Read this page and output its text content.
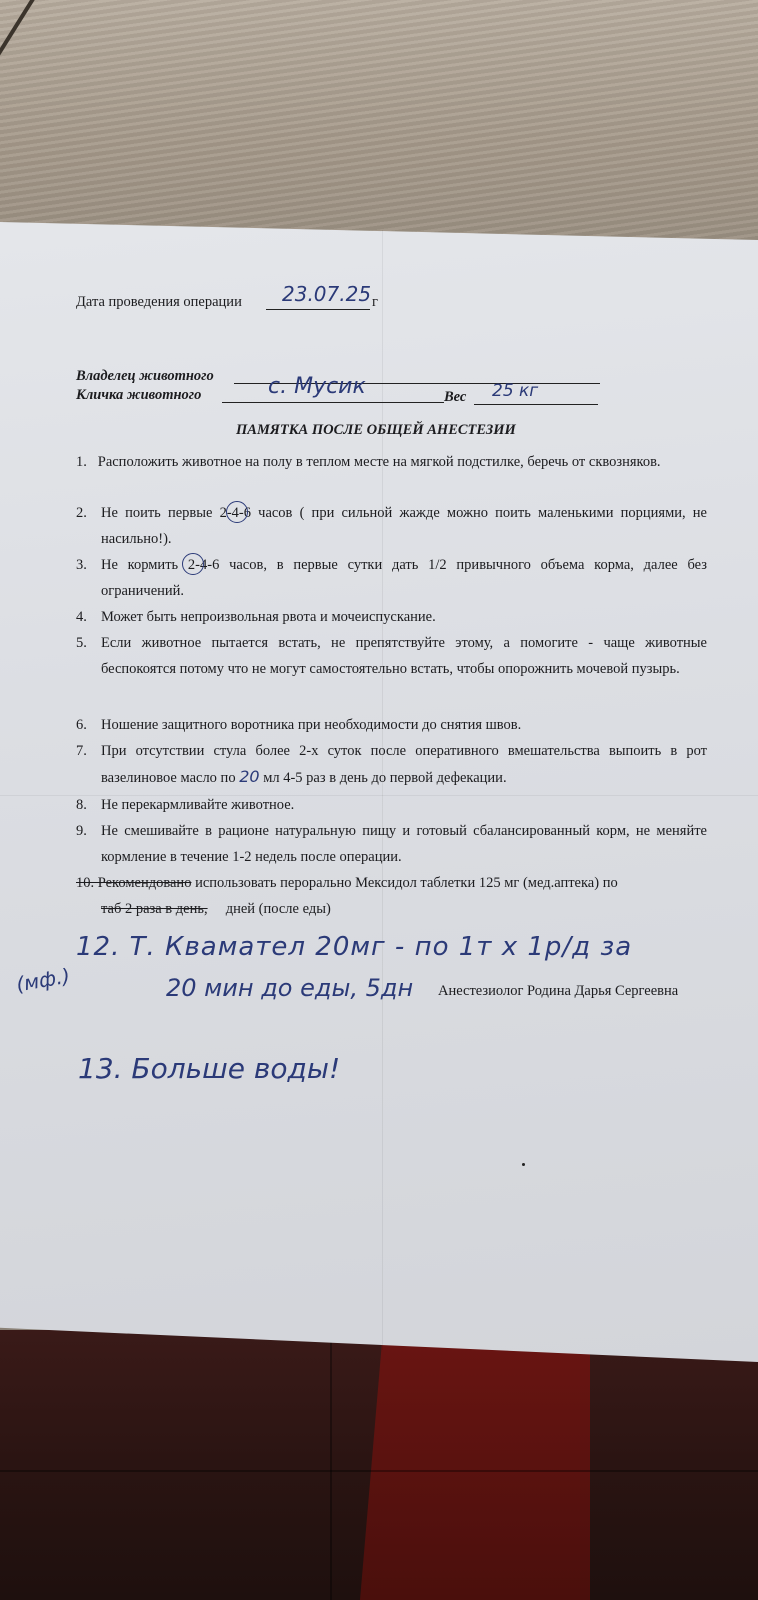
Дата проведения операции 23.07.25 г
Владелец животного
Кличка животного	с. Мусик	Вес 25 кг
ПАМЯТКА ПОСЛЕ ОБЩЕЙ АНЕСТЕЗИИ
1. Расположить животное на полу в теплом месте на мягкой подстилке, беречь от сквозняков.
2. Не поить первые 2-4-6 часов ( при сильной жажде можно поить маленькими порциями, не насильно!).
3. Не кормить 2-4-6 часов, в первые сутки дать 1/2 привычного объема корма, далее без ограничений.
4. Может быть непроизвольная рвота и мочеиспускание.
5. Если животное пытается встать, не препятствуйте этому, а помогите - чаще животные беспокоятся потому что не могут самостоятельно встать, чтобы опорожнить мочевой пузырь.
6. Ношение защитного воротника при необходимости до снятия швов.
7. При отсутствии стула более 2-х суток после оперативного вмешательства выпоить в рот вазелиновое масло по 20 мл 4-5 раз в день до первой дефекации.
8. Не перекармливайте животное.
9. Не смешивайте в рационе натуральную пищу и готовый сбалансированный корм, не меняйте кормление в течение 1-2 недель после операции.
10. Рекомендовано использовать перорально Мексидол таблетки 125 мг (мед.аптека) по
таб 2 раза в день, дней (после еды)
(мф.)
12. Т. Квамател 20мг - по 1т х 1р/д за
20 мин до еды, 5дн Анестезиолог Родина Дарья Сергеевна
13. Больше воды!
